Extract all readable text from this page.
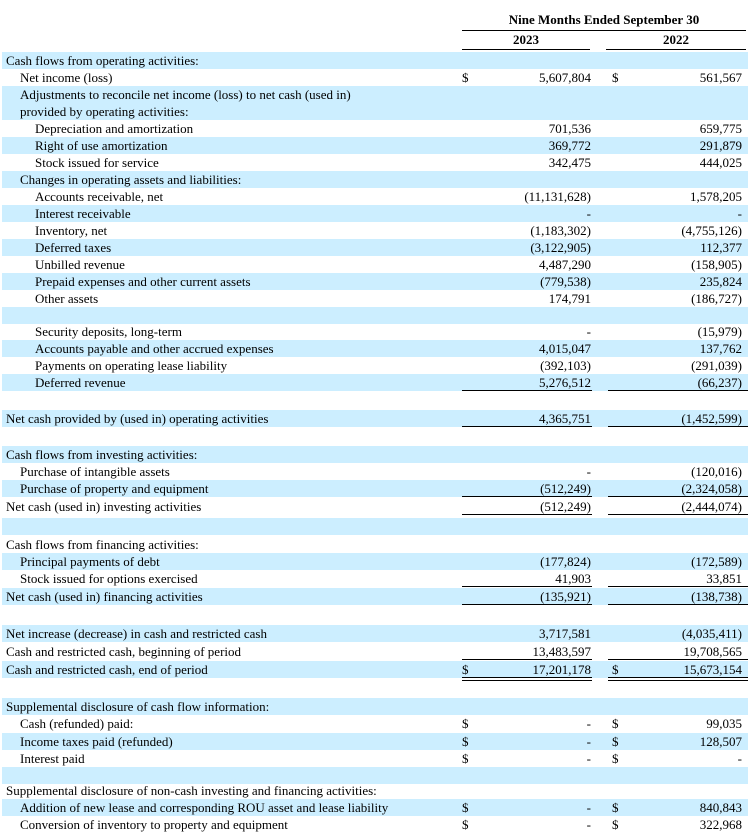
Nine Months Ended September 30
2023	2022
Cash flows from operating activities:
Net income (loss)	$	5,607,804 $	561,567
Adjustments to reconcile net income (loss) to net cash (used in)
provided by operating activities:
Depreciation and amortization	701,536	659,775
Right of use amortization	369,772	291,879
Stock issued for service	342,475	444,025
Changes in operating assets and liabilities:
Accounts receivable, net	(11,131,628)	1,578,205
Interest receivable	-	-
Inventory, net	(1,183,302)	(4,755,126)
Deferred taxes	(3,122,905)	112,377
Unbilled revenue	4,487,290	(158,905)
Prepaid expenses and other current assets	(779,538)	235,824
Other assets	174,791	(186,727)
Security deposits, long-term	-	(15,979)
Accounts payable and other accrued expenses	4,015,047	137,762
Payments on operating lease liability	(392,103)	(291,039)
Deferred revenue	5,276,512	(66,237)
Net cash provided by (used in) operating activities	4,365,751	(1,452,599)
Cash flows from investing activities:
Purchase of intangible assets	-	(120,016)
Purchase of property and equipment	(512,249)	(2,324,058)
Net cash (used in) investing activities	(512,249)	(2,444,074)
Cash flows from financing activities:
Principal payments of debt	(177,824)	(172,589)
Stock issued for options exercised	41,903	33,851
Net cash (used in) financing activities	(135,921)	(138,738)
Net increase (decrease) in cash and restricted cash	3,717,581	(4,035,411)
Cash and restricted cash, beginning of period	13,483,597	19,708,565
Cash and restricted cash, end of period	$	17,201,178 $	15,673,154
Supplemental disclosure of cash flow information:
Cash (refunded) paid:	$	- $	99,035
Income taxes paid (refunded)	$	- $	128,507
Interest paid	$	- $	-
Supplemental disclosure of non-cash investing and financing activities:
Addition of new lease and corresponding ROU asset and lease liability	$	- $	840,843
Conversion of inventory to property and equipment	$	- $	322,968
